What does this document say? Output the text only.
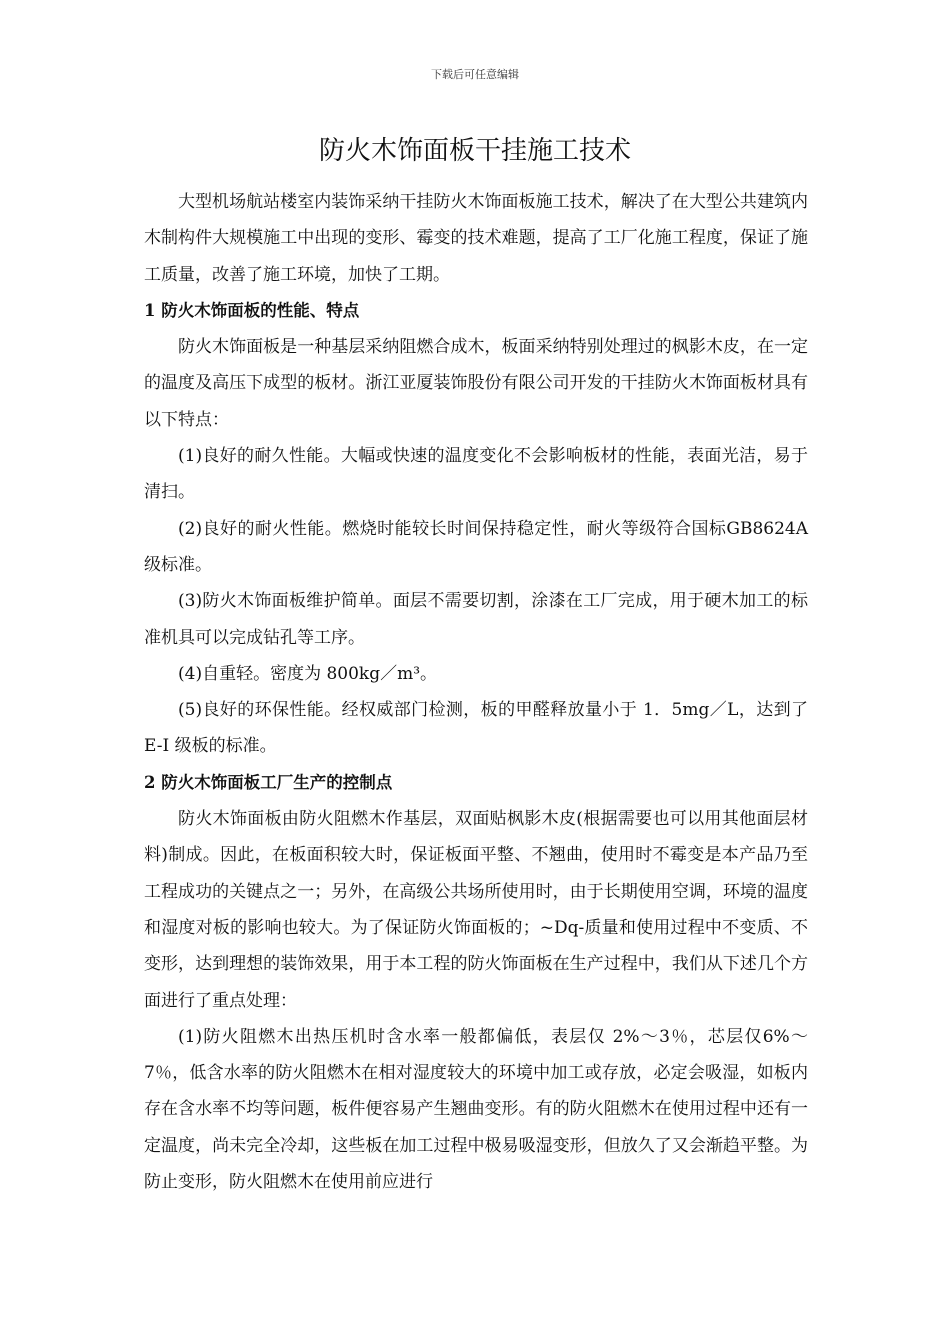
下载后可任意编辑
防火木饰面板干挂施工技术

大型机场航站楼室内装饰采纳干挂防火木饰面板施工技术，解决了在大型公共建筑内木制构件大规模施工中出现的变形、霉变的技术难题，提高了工厂化施工程度，保证了施工质量，改善了施工环境，加快了工期。

1 防火木饰面板的性能、特点

防火木饰面板是一种基层采纳阻燃合成木，板面采纳特别处理过的枫影木皮，在一定的温度及高压下成型的板材。浙江亚厦装饰股份有限公司开发的干挂防火木饰面板材具有以下特点：

(1)良好的耐久性能。大幅或快速的温度变化不会影响板材的性能，表面光洁，易于清扫。

(2)良好的耐火性能。燃烧时能较长时间保持稳定性，耐火等级符合国标GB8624A 级标准。

(3)防火木饰面板维护简单。面层不需要切割，涂漆在工厂完成，用于硬木加工的标准机具可以完成钻孔等工序。

(4)自重轻。密度为 800kg／m³。

(5)良好的环保性能。经权威部门检测，板的甲醛释放量小于 1．5mg／L，达到了 E-I 级板的标准。

2 防火木饰面板工厂生产的控制点

防火木饰面板由防火阻燃木作基层，双面贴枫影木皮(根据需要也可以用其他面层材料)制成。因此，在板面积较大时，保证板面平整、不翘曲，使用时不霉变是本产品乃至工程成功的关键点之一；另外，在高级公共场所使用时，由于长期使用空调，环境的温度和湿度对板的影响也较大。为了保证防火饰面板的；~Dq-质量和使用过程中不变质、不变形，达到理想的装饰效果，用于本工程的防火饰面板在生产过程中，我们从下述几个方面进行了重点处理：

(1)防火阻燃木出热压机时含水率一般都偏低，表层仅 2%～3％，芯层仅6%～7％，低含水率的防火阻燃木在相对湿度较大的环境中加工或存放，必定会吸湿，如板内存在含水率不均等问题，板件便容易产生翘曲变形。有的防火阻燃木在使用过程中还有一定温度，尚未完全冷却，这些板在加工过程中极易吸湿变形，但放久了又会渐趋平整。为防止变形，防火阻燃木在使用前应进行
